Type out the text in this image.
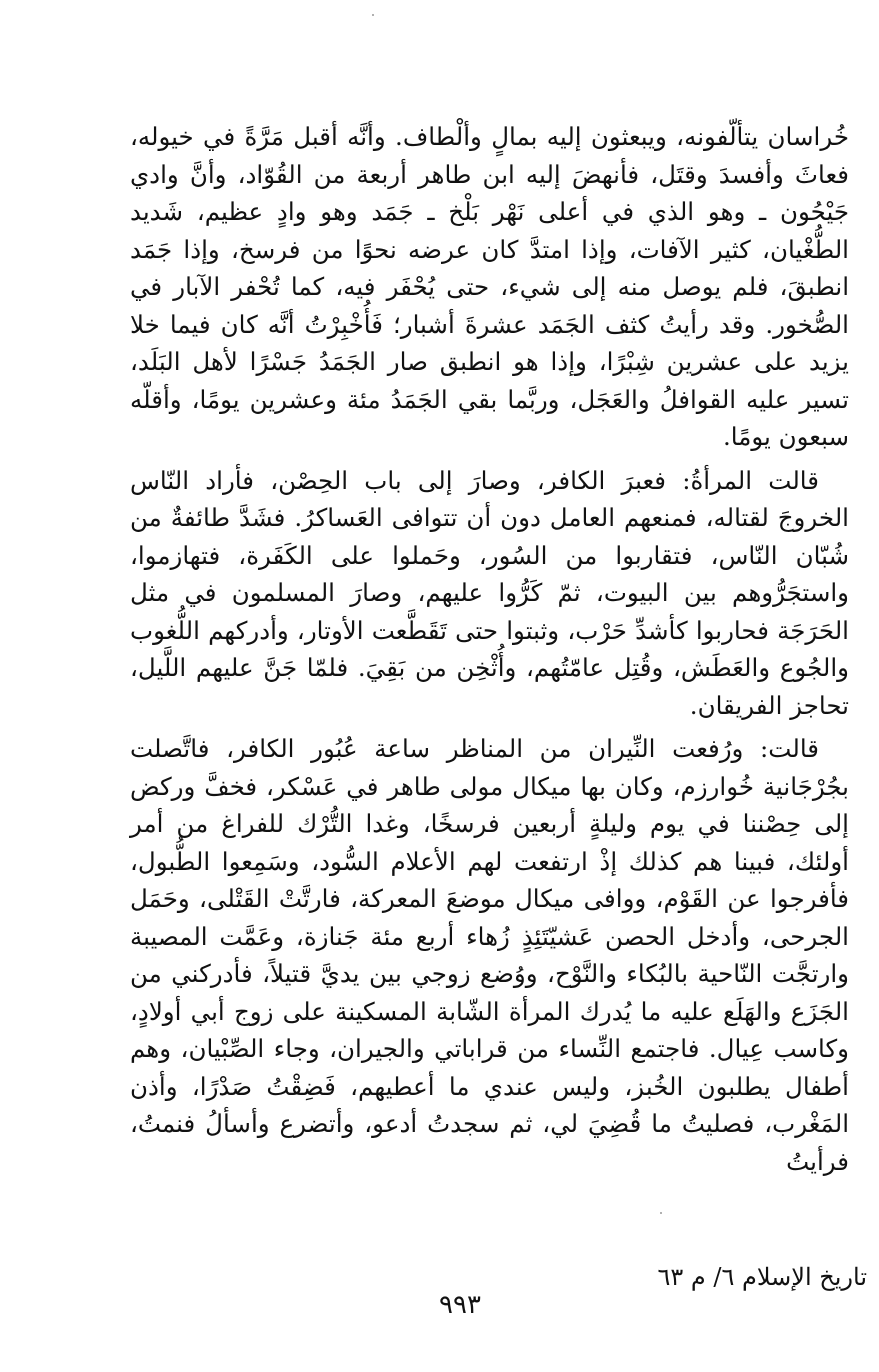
خُراسان يتألّفونه، ويبعثون إليه بمالٍ وألْطاف. وأنَّه أقبل مَرَّةً في خيوله، فعاثَ وأفسدَ وقتَل، فأنهضَ إليه ابن طاهر أربعة من القُوّاد، وأنَّ وادي جَيْحُون ـ وهو الذي في أعلى نَهْر بَلْخ ـ جَمَد وهو وادٍ عظيم، شَديد الطُّغْيان، كثير الآفات، وإذا امتدَّ كان عرضه نحوًا من فرسخ، وإذا جَمَد انطبقَ، فلم يوصل منه إلى شيء، حتى يُحْفَر فيه، كما تُحْفر الآبار في الصُّخور. وقد رأيتُ كثف الجَمَد عشرةَ أشبار؛ فَأُخْبِرْتُ أنَّه كان فيما خلا يزيد على عشرين شِبْرًا، وإذا هو انطبق صار الجَمَدُ جَسْرًا لأهل البَلَد، تسير عليه القوافلُ والعَجَل، وربَّما بقي الجَمَدُ مئة وعشرين يومًا، وأقلّه سبعون يومًا.

قالت المرأةُ: فعبرَ الكافر، وصارَ إلى باب الحِصْن، فأراد النّاس الخروجَ لقتاله، فمنعهم العامل دون أن تتوافى العَساكرُ. فشَدَّ طائفةٌ من شُبّان النّاس، فتقاربوا من السُور، وحَملوا على الكَفَرة، فتهازموا، واستجَرُّوهم بين البيوت، ثمّ كَرُّوا عليهم، وصارَ المسلمون في مثل الحَرَجَة فحاربوا كأشدِّ حَرْب، وثبتوا حتى تَقَطَّعت الأوتار، وأدركهم اللُّغوب والجُوع والعَطَش، وقُتِل عامّتُهم، وأُثْخِن من بَقِيَ. فلمّا جَنَّ عليهم اللَّيل، تحاجز الفريقان.

قالت: ورُفعت النِّيران من المناظر ساعة عُبُور الكافر، فاتَّصلت بجُرْجَانية خُوارزم، وكان بها ميكال مولى طاهر في عَسْكر، فخفَّ وركض إلى حِصْننا في يوم وليلةٍ أربعين فرسخًا، وغدا التُّرْك للفراغ من أمر أولئك، فبينا هم كذلك إذْ ارتفعت لهم الأعلام السُّود، وسَمِعوا الطُّبول، فأفرجوا عن القَوْم، ووافى ميكال موضعَ المعركة، فارتَّتْ القَتْلى، وحَمَل الجرحى، وأدخل الحصن عَشيّتَئِذٍ زُهاء أربع مئة جَنازة، وعَمَّت المصيبة وارتجَّت النّاحية بالبُكاء والنَّوْح، ووُضع زوجي بين يديَّ قتيلاً، فأدركني من الجَزَع والهَلَع عليه ما يُدرك المرأة الشّابة المسكينة على زوج أبي أولادٍ، وكاسب عِيال. فاجتمع النِّساء من قراباتي والجيران، وجاء الصِّبْيان، وهم أطفال يطلبون الخُبز، وليس عندي ما أعطيهم، فَضِقْتُ صَدْرًا، وأذن المَغْرب، فصليتُ ما قُضِيَ لي، ثم سجدتُ أدعو، وأتضرع وأسألُ فنمتُ، فرأيتُ

تاريخ الإسلام ٦/ م ٦٣
٩٩٣
